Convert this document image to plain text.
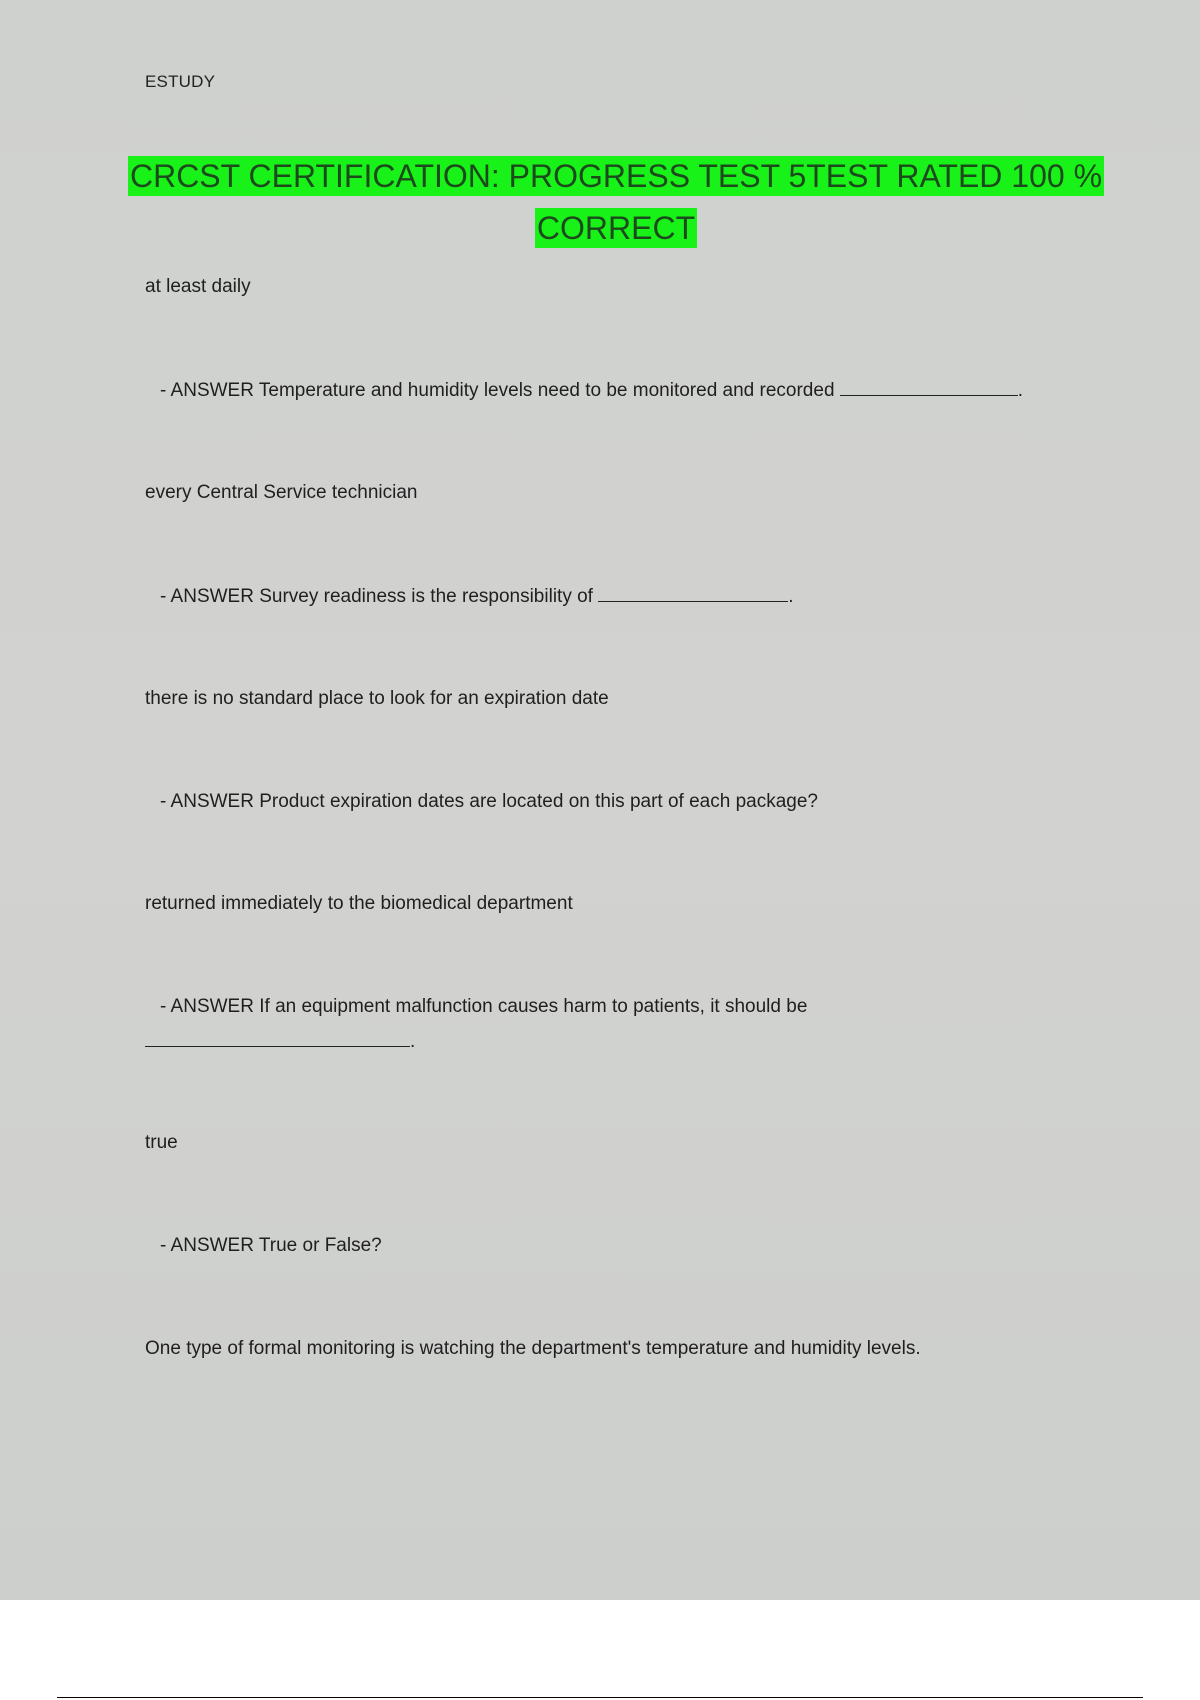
ESTUDY
CRCST CERTIFICATION: PROGRESS TEST 5TEST RATED 100 % CORRECT
at least daily
- ANSWER Temperature and humidity levels need to be monitored and recorded	.
every Central Service technician
- ANSWER Survey readiness is the responsibility of	.
there is no standard place to look for an expiration date
- ANSWER Product expiration dates are located on this part of each package?
returned immediately to the biomedical department
- ANSWER If an equipment malfunction causes harm to patients, it should be
.
true
- ANSWER True or False?
One type of formal monitoring is watching the department's temperature and humidity levels.
